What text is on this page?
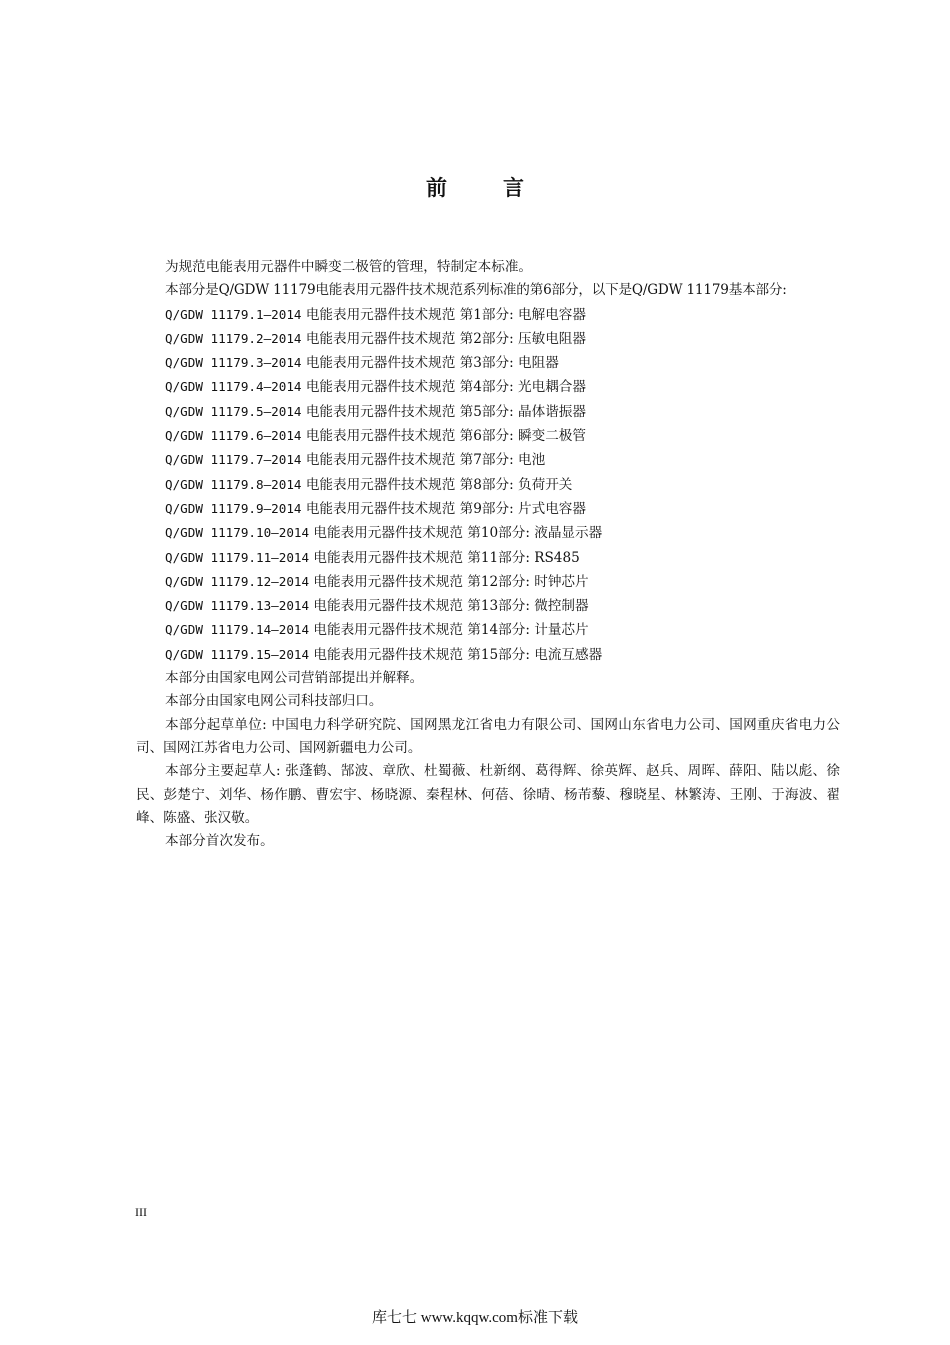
前	言

为规范电能表用元器件中瞬变二极管的管理，特制定本标准。

本部分是Q/GDW 11179电能表用元器件技术规范系列标准的第6部分，以下是Q/GDW 11179基本部分:

Q/GDW 11179.1—2014 电能表用元器件技术规范 第1部分: 电解电容器

Q/GDW 11179.2—2014 电能表用元器件技术规范 第2部分: 压敏电阻器

Q/GDW 11179.3—2014 电能表用元器件技术规范 第3部分: 电阻器

Q/GDW 11179.4—2014 电能表用元器件技术规范 第4部分: 光电耦合器

Q/GDW 11179.5—2014 电能表用元器件技术规范 第5部分: 晶体谐振器

Q/GDW 11179.6—2014 电能表用元器件技术规范 第6部分: 瞬变二极管

Q/GDW 11179.7—2014 电能表用元器件技术规范 第7部分: 电池

Q/GDW 11179.8—2014 电能表用元器件技术规范 第8部分: 负荷开关

Q/GDW 11179.9—2014 电能表用元器件技术规范 第9部分: 片式电容器

Q/GDW 11179.10—2014 电能表用元器件技术规范 第10部分: 液晶显示器

Q/GDW 11179.11—2014 电能表用元器件技术规范 第11部分: RS485

Q/GDW 11179.12—2014 电能表用元器件技术规范 第12部分: 时钟芯片

Q/GDW 11179.13—2014 电能表用元器件技术规范 第13部分: 微控制器

Q/GDW 11179.14—2014 电能表用元器件技术规范 第14部分: 计量芯片

Q/GDW 11179.15—2014 电能表用元器件技术规范 第15部分: 电流互感器

本部分由国家电网公司营销部提出并解释。

本部分由国家电网公司科技部归口。

本部分起草单位: 中国电力科学研究院、国网黑龙江省电力有限公司、国网山东省电力公司、国网重庆省电力公司、国网江苏省电力公司、国网新疆电力公司。

本部分主要起草人: 张蓬鹤、郜波、章欣、杜蜀薇、杜新纲、葛得辉、徐英辉、赵兵、周晖、薛阳、陆以彪、徐民、彭楚宁、刘华、杨作鹏、曹宏宇、杨晓源、秦程林、何蓓、徐晴、杨芾藜、穆晓星、林繁涛、王刚、于海波、翟峰、陈盛、张汉敬。

本部分首次发布。

III
库七七 www.kqqw.com标准下载
